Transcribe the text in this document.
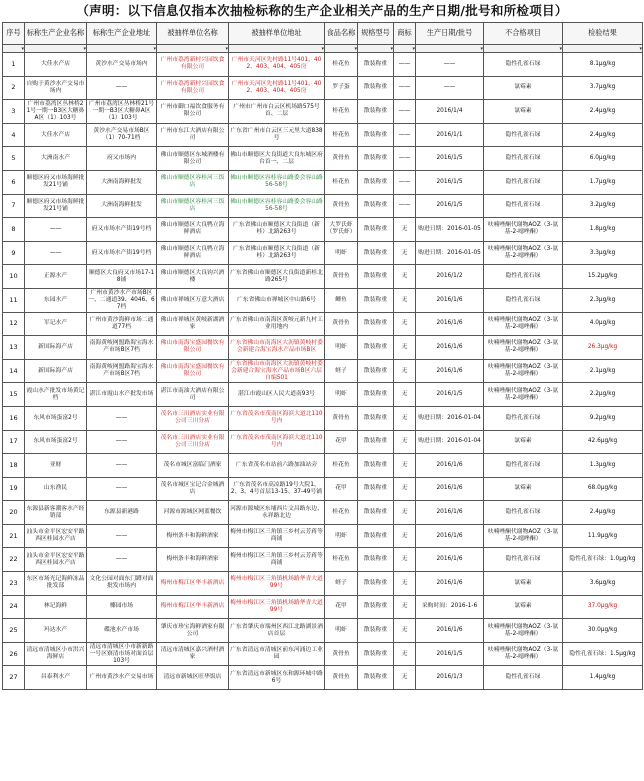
（声明：以下信息仅指本次抽检标称的生产企业相关产品的生产日期/批号和所检项目）
序号	标称生产企业名称	标称生产企业地址	被抽样单位名称	被抽样单位地址	食品名称	规格型号	商标	生产日期/批号	不合格项目	检验结果
▾	▾	▾	▾	▾	▾	▾	▾	▾	▾	▾
1	大佳水产店	黄沙水产交易市场内	广州市荔湾新村兴园饮食有限公司	广州市天河区先村路11号401、402、403、404、405房	桂花鱼	散装称重	——	——	隐性孔雀石绿	8.1μg/kg
2	自购于黄沙水产交易市场内	——	广州市荔湾新村兴园饮食有限公司	广州市天河区先村路11号401、402、403、404、405房	罗子蛋	散装称重	——	——	氯霉素	3.7μg/kg
3	广州市荔湾区丛林桥21号一期一B3区大糖鼻A区（1）103号	广州市荔湾区丛林桥21号一期一B3区大糖鼻A区（1）103号	广州市御口福饮食服务有限公司	广州市广州市白云区机场路575号首、二层	桂花鱼	散装称重	——	2016/1/4	氯霉素	2.4μg/kg
4	大佳水产店	黄沙水产交易市场B区（1）70-71档	广州市东江大酒店有限公司	广东省广州市白云区三元里大道838号	桂花鱼	散装称重	——	2016/1/1	隐性孔雀石绿	2.4μg/kg
5	大洲南水产	府又市场内	佛山市顺德区东城酒楼有限公司	佛山市顺德区大良街道大良东城区府台首一、二层	黄骨鱼	散装称重	——	2016/1/5	隐性孔雀石绿	6.0μg/kg
6	顺德区府又市场海鲜批发21号铺	大洲南海鲜批发	佛山市顺德区容桂河三饭店	佛山市顺德区容桂容山路委会容山路56-58号	桂花鱼	散装称重	——	2016/1/5	隐性孔雀石绿	1.7μg/kg
7	顺德区府又市场海鲜批发21号铺	大洲南海鲜批发	佛山市顺德区容桂河三饭店	佛山市顺德区容桂容山路委会容山路56-58号	黄骨鱼	散装称重	——	2016/1/5	隐性孔雀石绿	3.2μg/kg
8	——	府又市场水产街19号档	佛山市顺德区大良鸭立海鲜酒店	广东省佛山市顺德区大良街道（新桂）北路263号	大罗氏虾（罗氏虾）	散装称重	无	购进日期：2016-01-05	呋喃唑酮代谢物AOZ（3-氨基-2-噁唑酮）	1.8μg/kg
9	——	府又市场水产街19号档	佛山市顺德区大良鸭立海鲜酒店	广东省佛山市顺德区大良街道（新桂）北路263号	明虾	散装称重	无	购进日期：2016-01-05	呋喃唑酮代谢物AOZ（3-氨基-2-噁唑酮）	3.3μg/kg
10	正源水产	顺德区大良府又市场17-18铺	佛山市顺德区大良钧兴酒楼	广东省佛山市顺德区大良街道新桂北路265号	黄骨鱼	散装称重	无	2016/1/2	隐性孔雀石绿	15.2μg/kg
11	东园水产	广州市黄沙水产市场B区一、二通道39、4046、67档	佛山市禅城区万意大酒店	广东省佛山市禅城区中山路6号	鲫鱼	散装称重	无	2016/1/6	隐性孔雀石绿	2.3μg/kg
12	军记水产	广州市黄沙海鲜市场二通道77档	佛山市禅城区黄岐新湖酒家	广东省佛山市南海区黄岐元新九村工业用地内	黄骨鱼	散装称重	无	2016/1/6	呋喃唑酮代谢物AOZ（3-氨基-2-噁唑酮）	4.0μg/kg
13	新国际海产店	南海黄岐网盟路海宝海水产市场B区7档	佛山市南海宝盛园餐饮有限公司	广东省佛山市南海区大沥镇黄岐村委会新建合海宝海水产品市场B区	明虾	散装称重	无	2016/1/6	呋喃唑酮代谢物AOZ（3-氨基-2-噁唑酮）	26.3μg/kg
14	新国际海产店	南海黄岐网盟路海宝海水产市场B区7档	佛山市南海宝盛园餐饮有限公司	广东省佛山市南海区大沥镇黄岐村委会新建合海宝海水产品市场B区六层自编501	蛏子	散装称重	无	2016/1/6	呋喃唑酮代谢物AOZ（3-氨基-2-噁唑酮）	2.1μg/kg
15	霞山水产批发市场黄记档	湛江市霞山水产批发市场	湛江市南油大酒店有限公司	湛江市霞山区人民大道南93号	明虾	散装称重	无	2016/1/5	呋喃唑酮代谢物AOZ（3-氨基-2-噁唑酮）	2.2μg/kg
16	东风市场蛋富2号	——	茂名市三川酒店实业有限公司三川分店	广东省茂名市茂南区海滨大道北110号内	黄骨鱼	散装称重	无	购进日期：2016-01-04	隐性孔雀石绿	9.2μg/kg
17	东风市场蛋富2号	——	茂名市三川酒店实业有限公司三川分店	广东省茂名市茂南区海滨大道北110号内	花甲	散装称重	无	购进日期：2016-01-04	氯霉素	42.6μg/kg
18	亚财	——	茂名市城区富临门酒家	广东省茂名市站前六路加油站旁	桂花鱼	散装称重	无	2016/1/6	隐性孔雀石绿	1.3μg/kg
19	山东渔民	——	茂名市城区宝记合金城酒店	广东省茂名市高凉路19号大院1、2、3、4号首层13-15、37-49号铺	花甲	散装称重	无	2016/1/6	氯霉素	68.0μg/kg
20	东源县新客潮客水产经销部	东源县新港路	河源市源城区网蓝餐饮	河源市源城区东埔西片文昌路东边、永祥路北边	桂花鱼	散装称重	无	2016/1/6	隐性孔雀石绿	2.4μg/kg
21	汕头市金平区宏安平路西区桂园水产店	——	梅州条丰和海鲜酒家	梅州市梅江区三角镇三乡村云芳蒋等商铺	明虾	散装称重	无	2016/1/6	呋喃唑酮代谢物AOZ（3-氨基-2-噁唑酮）	11.9μg/kg
22	汕头市金平区宏安平路西区桂园水产店	——	梅州条丰和海鲜酒家	梅州市梅江区三角镇三乡村云芳蒋等商铺	桂花鱼	散装称重	无	2016/1/6	隐性孔雀石绿	隐性孔雀石绿：1.0μg/kg
23	东区市场光记海鲜冻品批发部	文化公园对面东门蹲对面批发市场内	梅州市梅江区华丰新酒店	梅州市梅江区三角镇机场路华青大道99号	蛏子	散装称重	无	2016/1/6	氯霉素	3.6μg/kg
24	林记海鲜	椰园市场	梅州市梅江区华丰新酒店	梅州市梅江区三角镇机场路华青大道99号	花甲	散装称重	无	采购时间：2016-1-6	氯霉素	37.0μg/kg
25	玛达水产	碟池水产市场	肇庆市珍宝海鲜酒家有限公司	广东省肇庆市端州区西江北路湖景酒店首层	明虾	散装称重	无	2016/1/6	呋喃唑酮代谢物AOZ（3-氨基-2-噁唑酮）	30.0μg/kg
26	清远市清城区小市洪兴海鲜店	清远市清城区小市新新路一号区寮清市场对面首层103号	清远市清城区嘉兴酒村酒家	广东省清远市清城区前东河涌边工业园	黄骨鱼	散装称重	无	2016/1/5	呋喃唑酮代谢物AOZ（3-氨基-2-噁唑酮）	隐性孔雀石绿：1.5μg/kg
27	昌泰利水产	广州市黄沙水产交易市场	清远市新城区旺华饭店	广东省清远市新城区东和源环城中路6号	黄骨鱼	散装称重	无	2016/1/3	隐性孔雀石绿	1.4μg/kg
